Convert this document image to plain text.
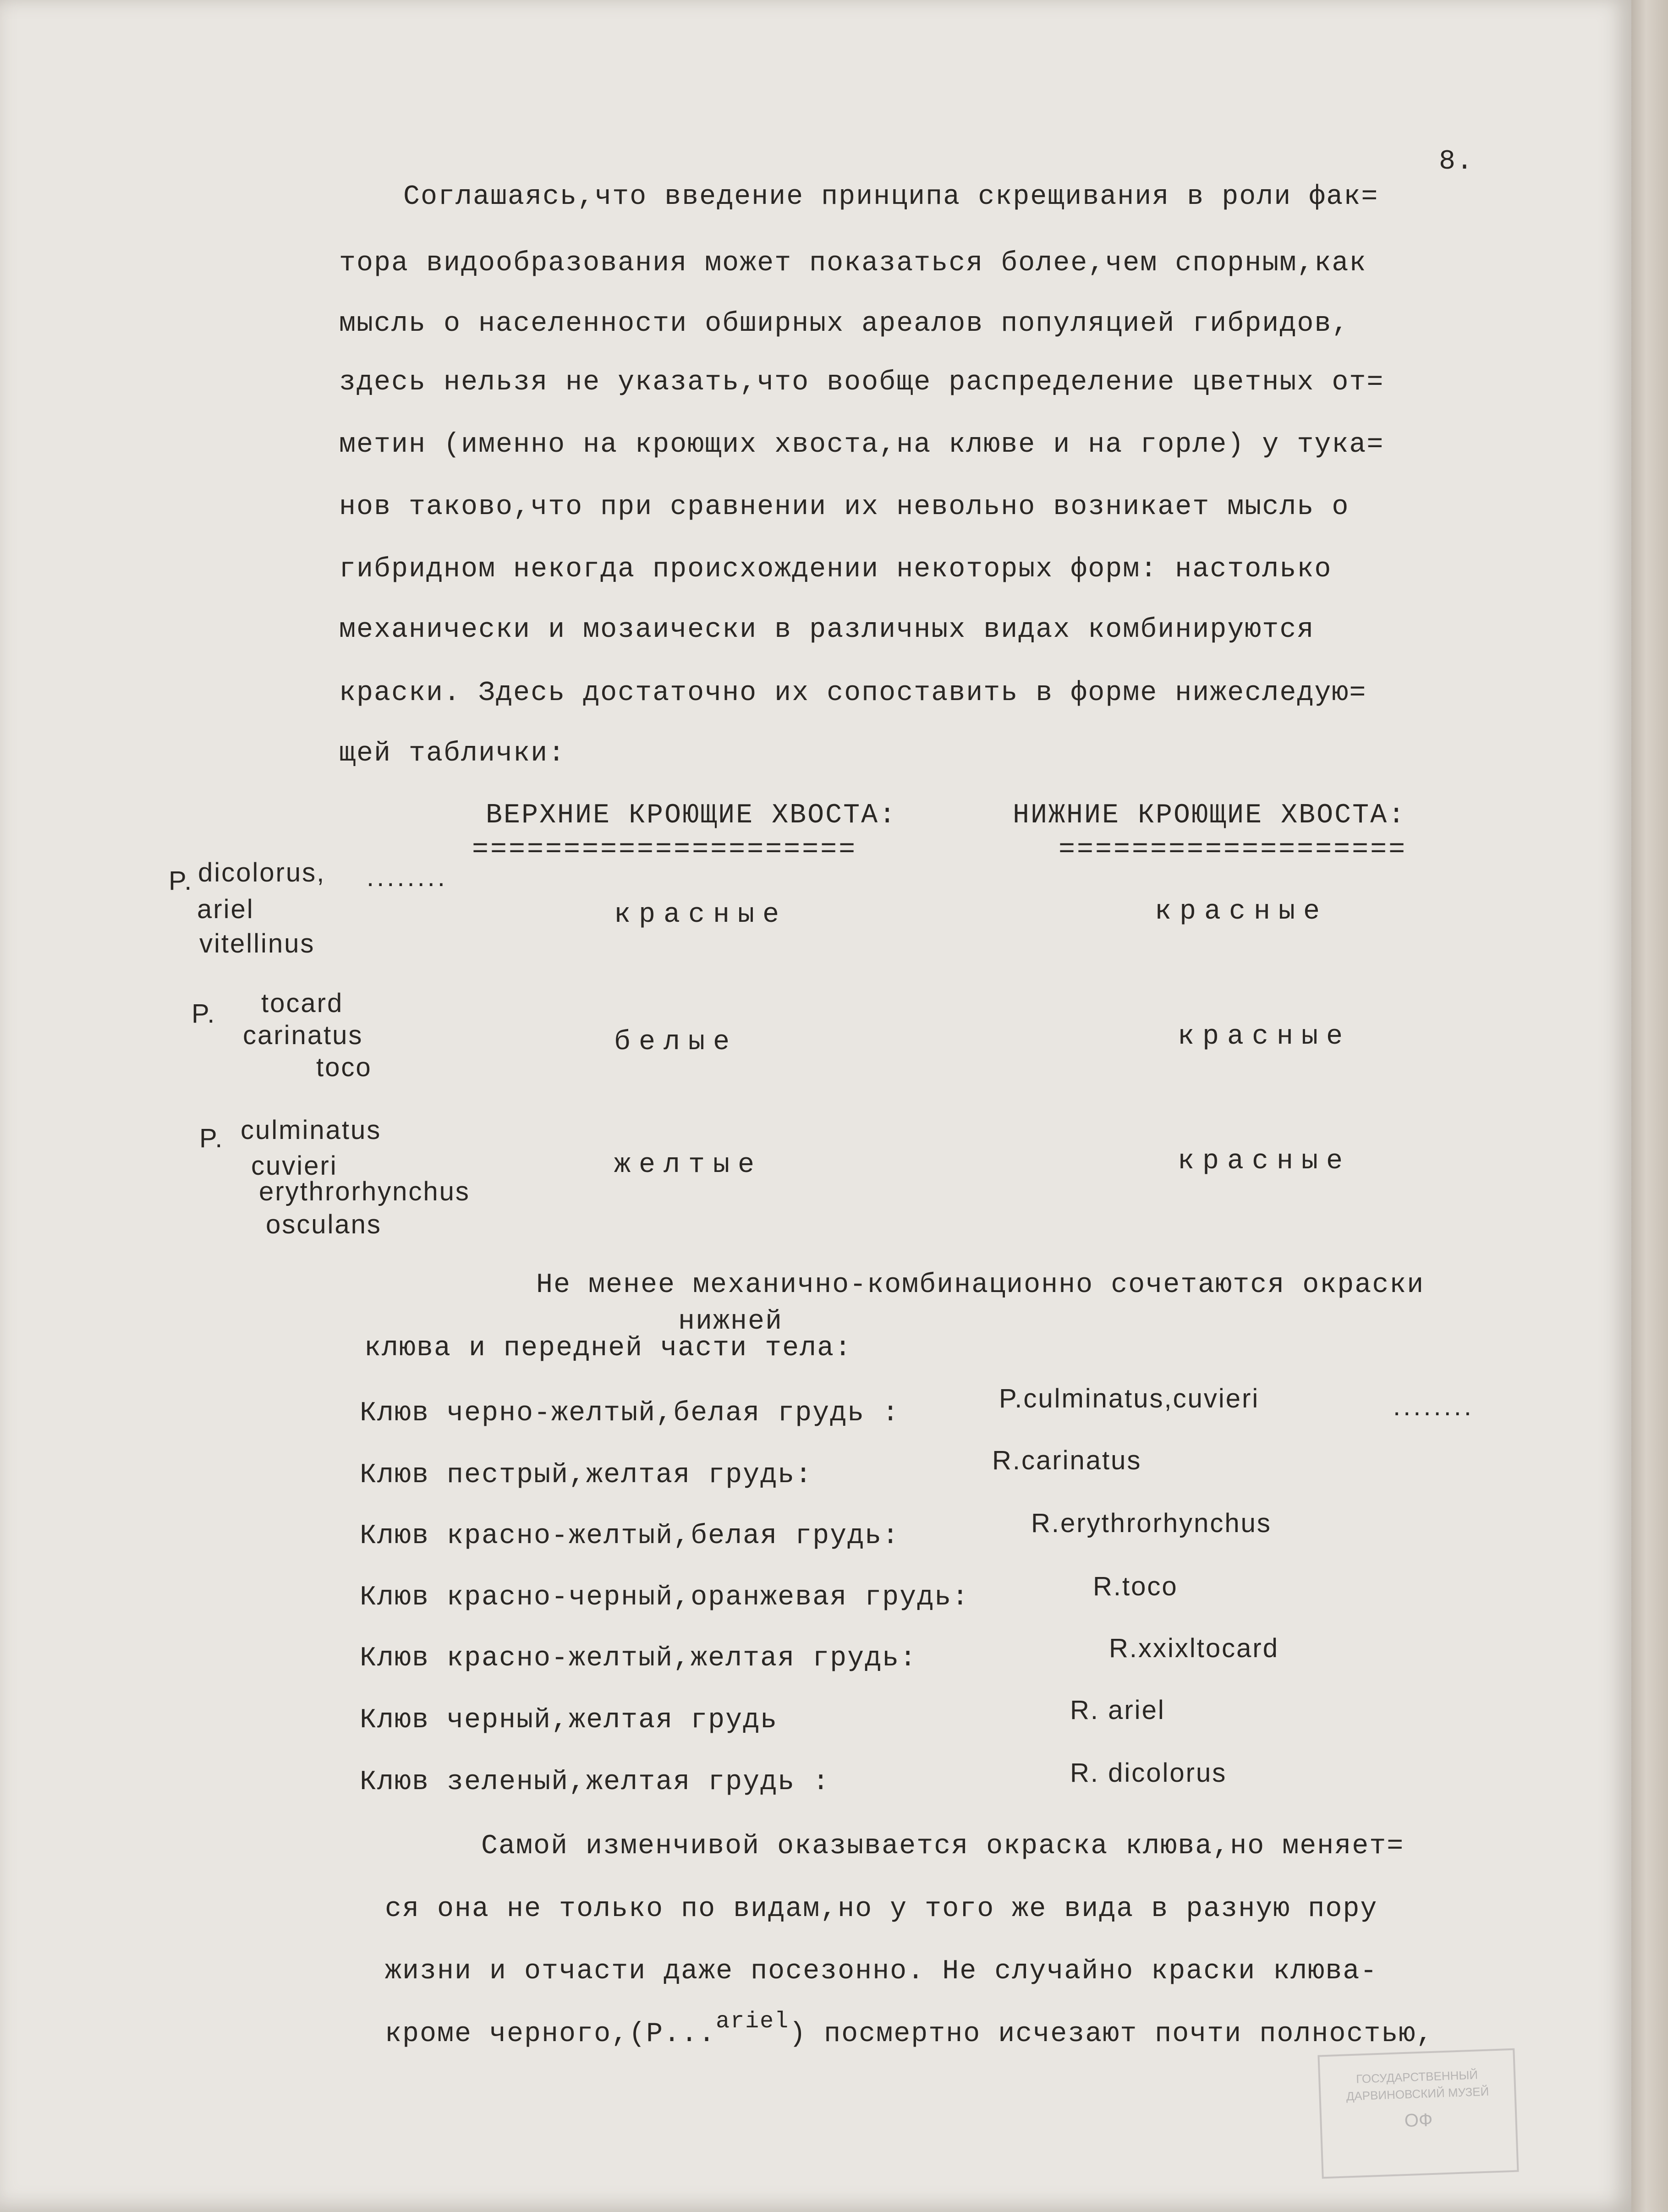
8.
Соглашаясь,что введение принципа скрещивания в роли фак=
тора видообразования может показаться более,чем спорным,как
мысль о населенности обширных ареалов популяцией гибридов,
здесь нельзя не указать,что вообще распределение цветных от=
метин (именно на кроющих хвоста,на клюве и на горле) у тука=
нов таково,что при сравнении их невольно возникает мысль о
гибридном некогда происхождении некоторых форм: настолько
механически и мозаически в различных видах комбинируются
краски. Здесь достаточно их сопоставить в форме нижеследую=
щей таблички:
ВЕРХНИЕ КРОЮЩИЕ ХВОСТА:	НИЖНИЕ КРОЮЩИЕ ХВОСТА:
=====================	===================
P. dicolorus, ........
ariel
vitellinus
красные	красные
P. tocard
carinatus
toco
белые	красные
P. culminatus
cuvieri
erythrorhynchus
osculans
желтые	красные
Не менее механично-комбинационно сочетаются окраски
нижней
клюва и передней части тела:
Клюв черно-желтый,белая грудь :	P.culminatus,cuvieri	........
Клюв пестрый,желтая грудь:	R.carinatus
Клюв красно-желтый,белая грудь:	R.erythrorhynchus
Клюв красно-черный,оранжевая грудь:	R.toco
Клюв красно-желтый,желтая грудь:	R.xxixltocard
Клюв черный,желтая грудь	R. ariel
Клюв зеленый,желтая грудь :	R. dicolorus
Самой изменчивой оказывается окраска клюва,но меняет=
ся она не только по видам,но у того же вида в разную пору
жизни и отчасти даже посезонно. Не случайно краски клюва-
кроме черного,(P...$^{ariel}$) посмертно исчезают почти полностью,
ГОСУДАРСТВЕННЫЙ
ДАРВИНОВСКИЙ МУЗЕЙ
ОФ
